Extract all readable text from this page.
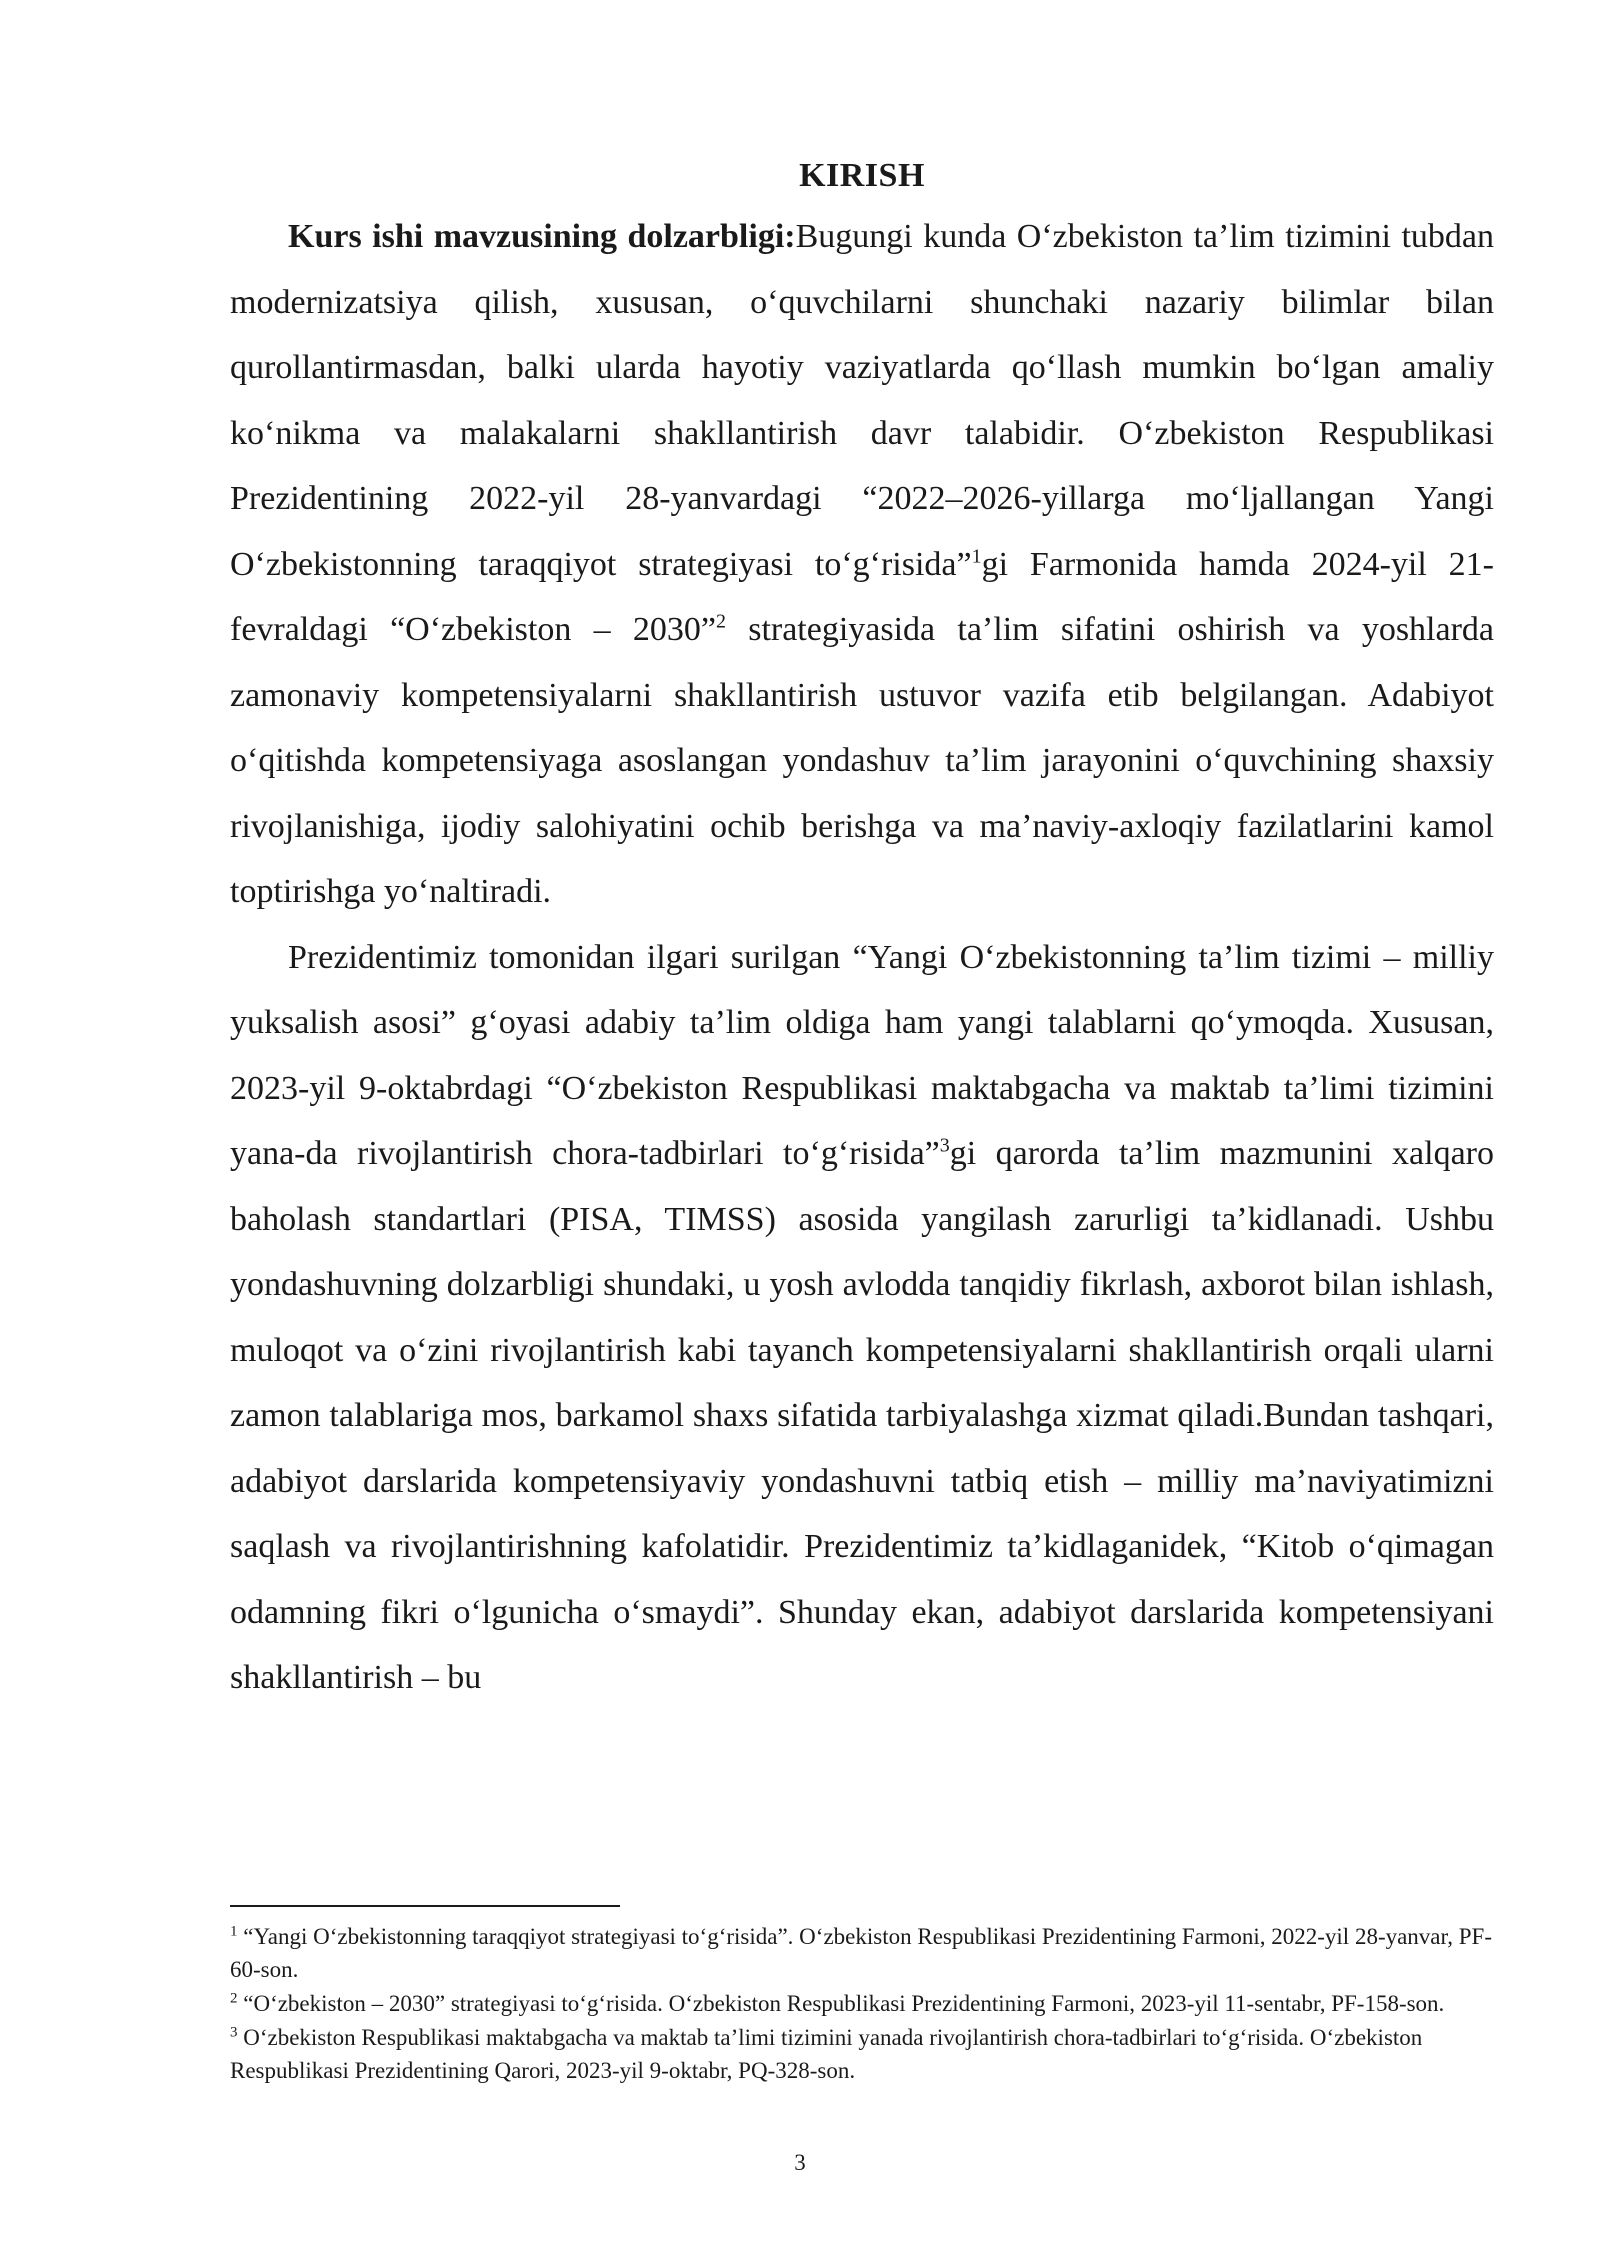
KIRISH

Kurs ishi mavzusining dolzarbligi:Bugungi kunda O‘zbekiston ta’lim tizimini tubdan modernizatsiya qilish, xususan, o‘quvchilarni shunchaki nazariy bilimlar bilan qurollantirmasdan, balki ularda hayotiy vaziyatlarda qo‘llash mumkin bo‘lgan amaliy ko‘nikma va malakalarni shakllantirish davr talabidir. O‘zbekiston Respublikasi Prezidentining 2022-yil 28-yanvardagi “2022–2026-yillarga mo‘ljallangan Yangi O‘zbekistonning taraqqiyot strategiyasi to‘g‘risida”$^1$gi Farmonida hamda 2024-yil 21-fevraldagi “O‘zbekiston – 2030”$^2$ strategiyasida ta’lim sifatini oshirish va yoshlarda zamonaviy kompetensiyalarni shakllantirish ustuvor vazifa etib belgilangan. Adabiyot o‘qitishda kompetensiyaga asoslangan yondashuv ta’lim jarayonini o‘quvchining shaxsiy rivojlanishiga, ijodiy salohiyatini ochib berishga va ma’naviy-axloqiy fazilatlarini kamol toptirishga yo‘naltiradi.

Prezidentimiz tomonidan ilgari surilgan “Yangi O‘zbekistonning ta’lim tizimi – milliy yuksalish asosi” g‘oyasi adabiy ta’lim oldiga ham yangi talablarni qo‘ymoqda. Xususan, 2023-yil 9-oktabrdagi “O‘zbekiston Respublikasi maktabgacha va maktab ta’limi tizimini yana-da rivojlantirish chora-tadbirlari to‘g‘risida”$^3$gi qarorda ta’lim mazmunini xalqaro baholash standartlari (PISA, TIMSS) asosida yangilash zarurligi ta’kidlanadi. Ushbu yondashuvning dolzarbligi shundaki, u yosh avlodda tanqidiy fikrlash, axborot bilan ishlash, muloqot va o‘zini rivojlantirish kabi tayanch kompetensiyalarni shakllantirish orqali ularni zamon talablariga mos, barkamol shaxs sifatida tarbiyalashga xizmat qiladi.Bundan tashqari, adabiyot darslarida kompetensiyaviy yondashuvni tatbiq etish – milliy ma’naviyatimizni saqlash va rivojlantirishning kafolatidir. Prezidentimiz ta’kidlaganidek, “Kitob o‘qimagan odamning fikri o‘lgunicha o‘smaydi”. Shunday ekan, adabiyot darslarida kompetensiyani shakllantirish – bu

$^1$ “Yangi O‘zbekistonning taraqqiyot strategiyasi to‘g‘risida”. O‘zbekiston Respublikasi Prezidentining Farmoni, 2022-yil 28-yanvar, PF-60-son.

$^2$ “O‘zbekiston – 2030” strategiyasi to‘g‘risida. O‘zbekiston Respublikasi Prezidentining Farmoni, 2023-yil 11-sentabr, PF-158-son.

$^3$ O‘zbekiston Respublikasi maktabgacha va maktab ta’limi tizimini yanada rivojlantirish chora-tadbirlari to‘g‘risida. O‘zbekiston Respublikasi Prezidentining Qarori, 2023-yil 9-oktabr, PQ-328-son.

3
